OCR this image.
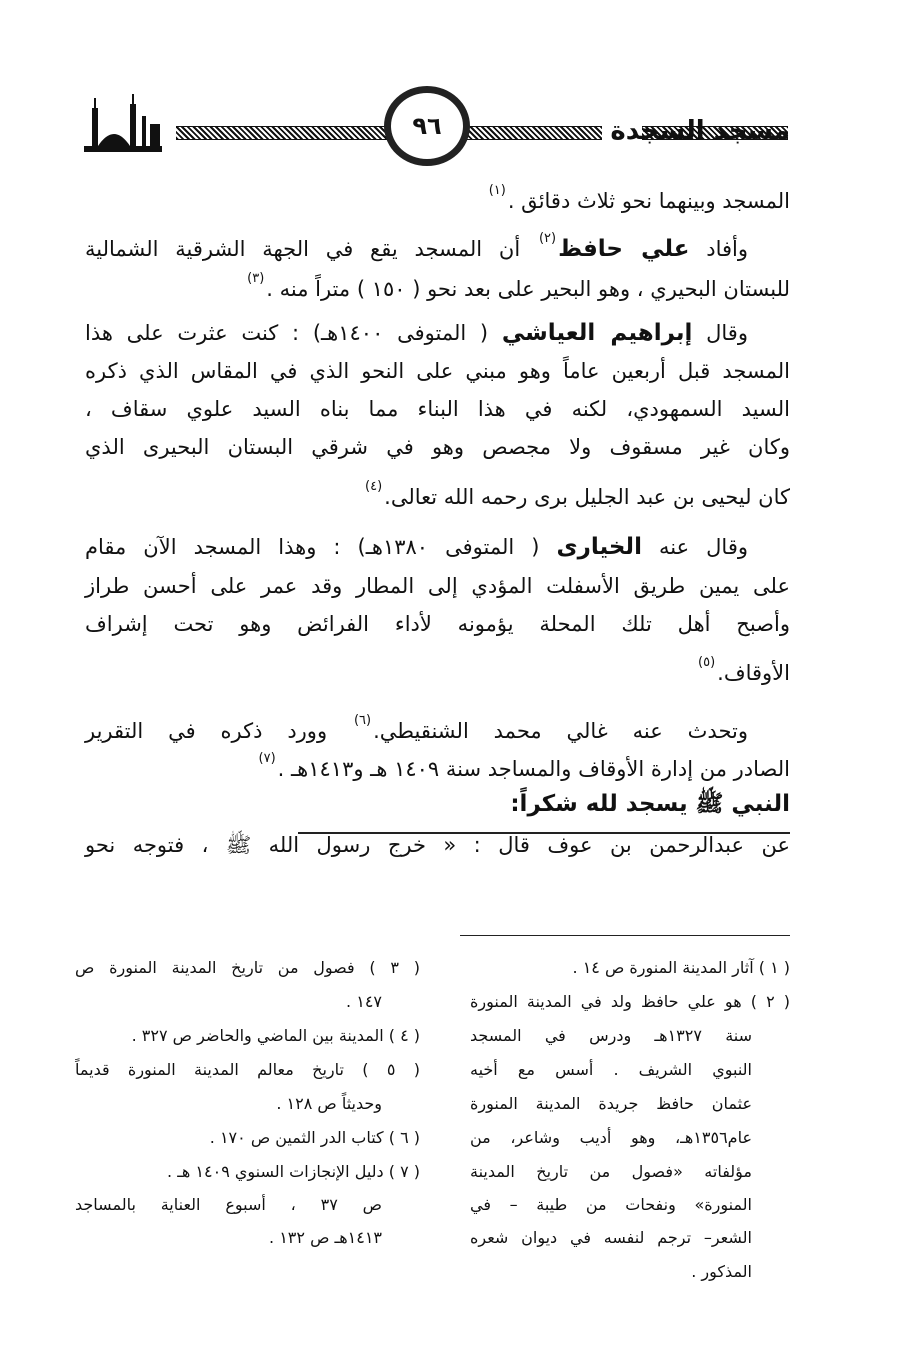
مسجد السجدة
٩٦
المسجد وبينهما نحو ثلاث دقائق .$^{(١)}$
وأفاد علي حافظ$^{(٢)}$ أن المسجد يقع في الجهة الشرقية الشمالية
للبستان البحيري ، وهو البحير على بعد نحو ( ١٥٠ ) متراً منه .$^{(٣)}$
وقال إبراهيم العياشي ( المتوفى ١٤٠٠هـ) : كنت عثرت على هذا
المسجد قبل أربعين عاماً وهو مبني على النحو الذي في المقاس الذي ذكره
السيد السمهودي، لكنه في هذا البناء مما بناه السيد علوي سقاف ،
وكان غير مسقوف ولا مجصص وهو في شرقي البستان البحيرى الذي
كان ليحيى بن عبد الجليل برى رحمه الله تعالى.$^{(٤)}$
وقال عنه الخيارى ( المتوفى ١٣٨٠هـ) : وهذا المسجد الآن مقام
على يمين طريق الأسفلت المؤدي إلى المطار وقد عمر على أحسن طراز
وأصبح أهل تلك المحلة يؤمونه لأداء الفرائض وهو تحت إشراف
الأوقاف.$^{(٥)}$
وتحدث عنه غالي محمد الشنقيطي.$^{(٦)}$ وورد ذكره في التقرير
الصادر من إدارة الأوقاف والمساجد سنة ١٤٠٩ هـ و١٤١٣هـ .$^{(٧)}$
النبي ﷺ يسجد لله شكراً:
عن عبدالرحمن بن عوف قال : « خرج رسول الله ﷺ ، فتوجه نحو
( ١ ) آثار المدينة المنورة ص ١٤ .
( ٢ ) هو علي حافظ ولد في المدينة المنورة
سنة ١٣٢٧هـ ودرس في المسجد
النبوي الشريف . أسس مع أخيه
عثمان حافظ جريدة المدينة المنورة
عام١٣٥٦هـ، وهو أديب وشاعر، من
مؤلفاته «فصول من تاريخ المدينة
المنورة» ونفحات من طيبة – في
الشعر– ترجم لنفسه في ديوان شعره
المذكور .
( ٣ ) فصول من تاريخ المدينة المنورة ص
١٤٧ .
( ٤ ) المدينة بين الماضي والحاضر ص ٣٢٧ .
( ٥ ) تاريخ معالم المدينة المنورة قديماً
وحديثاً ص ١٢٨ .
( ٦ ) كتاب الدر الثمين ص ١٧٠ .
( ٧ ) دليل الإنجازات السنوي ١٤٠٩ هـ .
ص ٣٧ ، أسبوع العناية بالمساجد
١٤١٣هـ ص ١٣٢ .
